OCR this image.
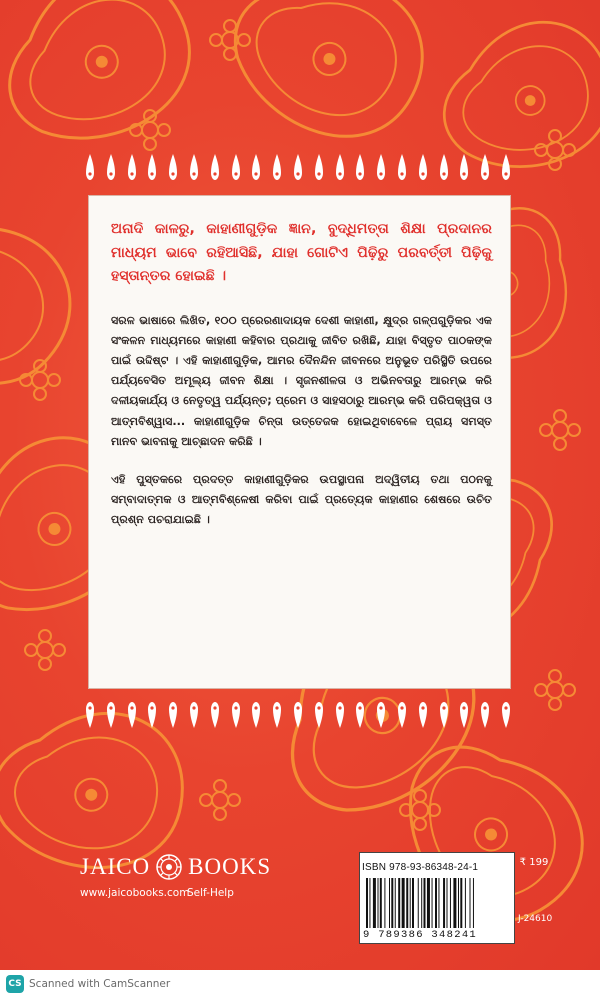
ଅନାଦି କାଳରୁ, କାହାଣୀଗୁଡ଼ିକ ଜ୍ଞାନ, ବୁଦ୍ଧିମତ୍ତା ଶିକ୍ଷା ପ୍ରଦାନର ମାଧ୍ୟମ ଭାବେ ରହିଆସିଛି, ଯାହା ଗୋଟିଏ ପିଢ଼ିରୁ ପରବର୍ତ୍ତୀ ପିଢ଼ିକୁ ହସ୍ତାନ୍ତର ହୋଇଛି ।

ସରଳ ଭାଷାରେ ଲିଖିତ, ୧୦୦ ପ୍ରେରଣାଦାୟକ ଦେଶୀ କାହାଣୀ, କ୍ଷୁଦ୍ର ଗଳ୍ପଗୁଡ଼ିକର ଏକ ସଂକଳନ ମାଧ୍ୟମରେ କାହାଣୀ କହିବାର ପ୍ରଥାକୁ ଜୀବିତ ରଖିଛି, ଯାହା ବିସ୍ତୃତ ପାଠକଙ୍କ ପାଇଁ ଉଦ୍ଦିଷ୍ଟ । ଏହି କାହାଣୀଗୁଡ଼ିକ, ଆମର ଦୈନନ୍ଦିନ ଜୀବନରେ ଅନୁଭୂତ ପରିସ୍ଥିତି ଉପରେ ପର୍ଯ୍ୟବେସିତ ଅମୂଲ୍ୟ ଜୀବନ ଶିକ୍ଷା । ସୃଜନଶୀଳତା ଓ ଅଭିନବତାରୁ ଆରମ୍ଭ କରି ଦଳୀୟକାର୍ଯ୍ୟ ଓ ନେତୃତ୍ୱ ପର୍ଯ୍ୟନ୍ତ; ପ୍ରେମ ଓ ସାହସଠାରୁ ଆରମ୍ଭ କରି ପରିପକ୍ୱତା ଓ ଆତ୍ମବିଶ୍ୱାସ... କାହାଣୀଗୁଡ଼ିକ ଚିନ୍ତା ଉତ୍ତେଜକ ହୋଇଥିବାବେଳେ ପ୍ରାୟ ସମସ୍ତ ମାନବ ଭାବନାକୁ ଆଚ୍ଛାଦନ କରିଛି ।

ଏହି ପୁସ୍ତକରେ ପ୍ରଦତ୍ତ କାହାଣୀଗୁଡ଼ିକର ଉପସ୍ଥାପନା ଅଦ୍ୱିତୀୟ ତଥା ପଠନକୁ ସମ୍ବାଦାତ୍ମକ ଓ ଆତ୍ମବିଶ୍ଳେଷୀ କରିବା ପାଇଁ ପ୍ରତ୍ୟେକ କାହାଣୀର ଶେଷରେ ଉଚିତ ପ୍ରଶ୍ନ ପଚରାଯାଇଛି ।

JAICO BOOKS
www.jaicobooks.com
Self-Help
ISBN 978-93-86348-24-1
9 789386 348241
₹ 199
J-24610
CS Scanned with CamScanner
